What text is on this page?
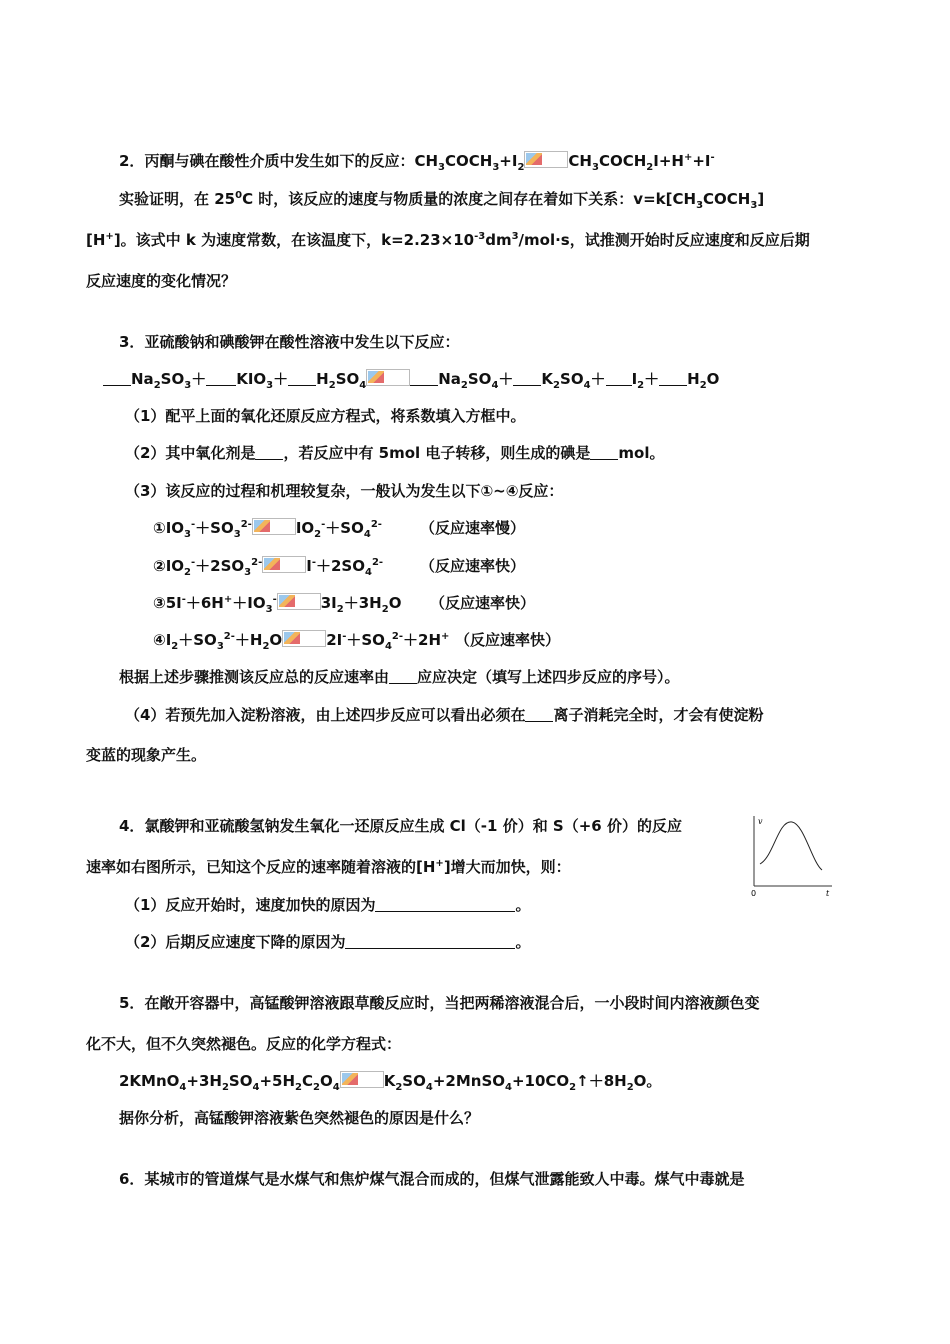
2．丙酮与碘在酸性介质中发生如下的反应：$CH_3COCH_3+I_2$	$CH_3COCH_2I+H^++I^-$
实验证明，在 $25^0C$ 时，该反应的速度与物质量的浓度之间存在着如下关系：$v=k[CH_3COCH_3]$
[H+]。该式中 k 为速度常数，在该温度下，$k=2.23\times 10^{-3}dm^3/mol\cdot s$，试推测开始时反应速度和反应后期
反应速度的变化情况？
3．亚硫酸钠和碘酸钾在酸性溶液中发生以下反应：
$Na_2SO_3+ KIO_3+ H_2SO_4$	$Na_2SO_4+ K_2SO_4+ I_2+ H_2O$
（1）配平上面的氧化还原反应方程式，将系数填入方框中。
（2）其中氧化剂是 ，若反应中有 5mol 电子转移，则生成的碘是 mol。
（3）该反应的过程和机理较复杂，一般认为发生以下①~④反应：
$①IO_3^-+SO_3^{2-}$	$IO_2^-+SO_4^{2-}$	（反应速率慢）
$②IO_2^-+2SO_3^{2-}$	$I^-+2SO_4^{2-}$ （反应速率快）
$③5I^-+6H^++IO_3^-$	$3I_2+3H_2O$ （反应速率快）
$④I_2+SO_3^{2-}+H_2O$	$2I^-+SO_4^{2-}+2H^+$ （反应速率快）
根据上述步骤推测该反应总的反应速率由 应应决定（填写上述四步反应的序号）。
（4）若预先加入淀粉溶液，由上述四步反应可以看出必须在 离子消耗完全时，才会有使淀粉
变蓝的现象产生。
4．氯酸钾和亚硫酸氢钠发生氧化一还原反应生成 Cl（-1 价）和 S（+6 价）的反应
速率如右图所示，已知这个反应的速率随着溶液的[H+]增大而加快，则：
（1）反应开始时，速度加快的原因为	。
（2）后期反应速度下降的原因为	。
v
t
0
5．在敞开容器中，高锰酸钾溶液跟草酸反应时，当把两稀溶液混合后，一小段时间内溶液颜色变
化不大，但不久突然褪色。反应的化学方程式：
$2KMnO_4+3H_2SO_4+5H_2C_2O_4$	$K_2SO_4+2MnSO_4+10CO_2↑+8H_2O$。
据你分析，高锰酸钾溶液紫色突然褪色的原因是什么？
6．某城市的管道煤气是水煤气和焦炉煤气混合而成的，但煤气泄露能致人中毒。煤气中毒就是
